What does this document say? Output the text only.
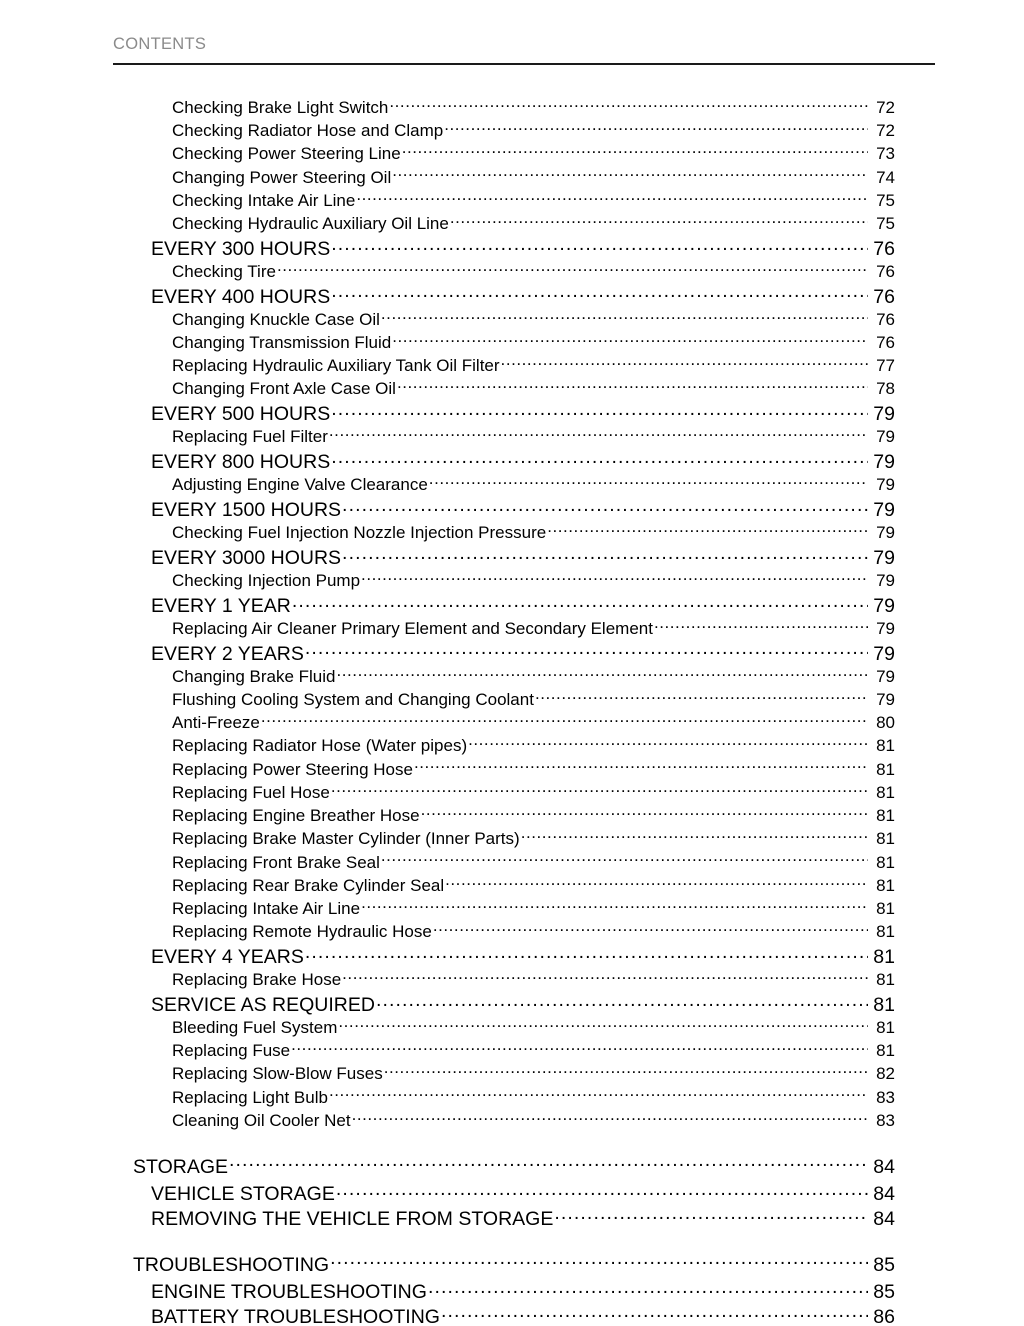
CONTENTS
Checking Brake Light Switch .....	72
Checking Radiator Hose and Clamp .....	72
Checking Power Steering Line .....	73
Changing Power Steering Oil .....	74
Checking Intake Air Line .....	75
Checking Hydraulic Auxiliary Oil Line .....	75
EVERY 300 HOURS .....	76
Checking Tire .....	76
EVERY 400 HOURS .....	76
Changing Knuckle Case Oil .....	76
Changing Transmission Fluid .....	76
Replacing Hydraulic Auxiliary Tank Oil Filter .....	77
Changing Front Axle Case Oil .....	78
EVERY 500 HOURS .....	79
Replacing Fuel Filter .....	79
EVERY 800 HOURS .....	79
Adjusting Engine Valve Clearance .....	79
EVERY 1500 HOURS .....	79
Checking Fuel Injection Nozzle Injection Pressure .....	79
EVERY 3000 HOURS .....	79
Checking Injection Pump .....	79
EVERY 1 YEAR .....	79
Replacing Air Cleaner Primary Element and Secondary Element .....	79
EVERY 2 YEARS .....	79
Changing Brake Fluid .....	79
Flushing Cooling System and Changing Coolant .....	79
Anti-Freeze .....	80
Replacing Radiator Hose (Water pipes) .....	81
Replacing Power Steering Hose .....	81
Replacing Fuel Hose .....	81
Replacing Engine Breather Hose .....	81
Replacing Brake Master Cylinder (Inner Parts) .....	81
Replacing Front Brake Seal .....	81
Replacing Rear Brake Cylinder Seal .....	81
Replacing Intake Air Line .....	81
Replacing Remote Hydraulic Hose .....	81
EVERY 4 YEARS .....	81
Replacing Brake Hose .....	81
SERVICE AS REQUIRED .....	81
Bleeding Fuel System .....	81
Replacing Fuse .....	81
Replacing Slow-Blow Fuses .....	82
Replacing Light Bulb .....	83
Cleaning Oil Cooler Net .....	83
STORAGE .....	84
VEHICLE STORAGE .....	84
REMOVING THE VEHICLE FROM STORAGE .....	84
TROUBLESHOOTING .....	85
ENGINE TROUBLESHOOTING .....	85
BATTERY TROUBLESHOOTING .....	86
